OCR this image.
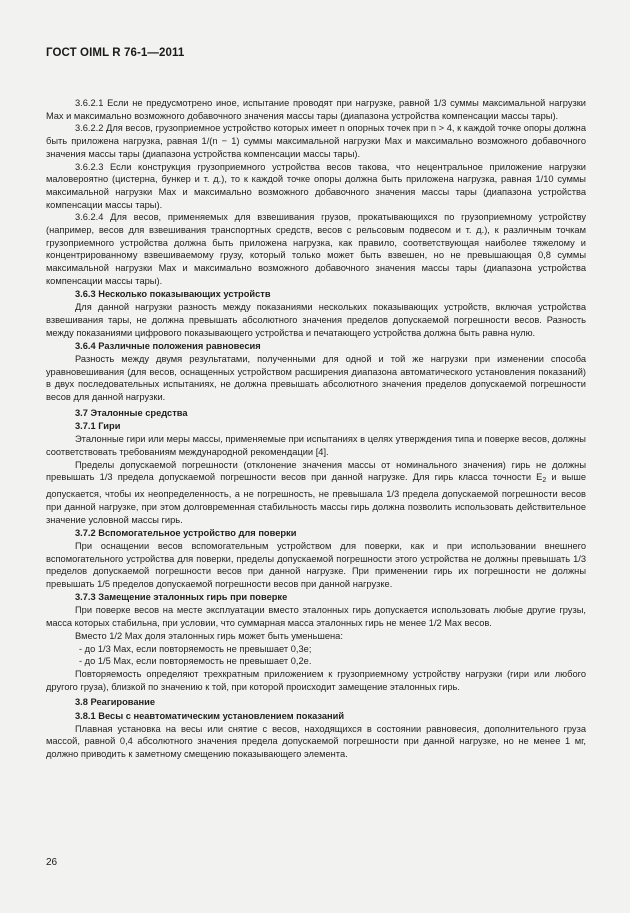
ГОСТ OIML R 76-1—2011

3.6.2.1 Если не предусмотрено иное, испытание проводят при нагрузке, равной 1/3 суммы максимальной нагрузки Max и максимально возможного добавочного значения массы тары (диапазона устройства компенсации массы тары).

3.6.2.2 Для весов, грузоприемное устройство которых имеет n опорных точек при n > 4, к каждой точке опоры должна быть приложена нагрузка, равная 1/(n − 1) суммы максимальной нагрузки Max и максимально возможного добавочного значения массы тары (диапазона устройства компенсации массы тары).

3.6.2.3 Если конструкция грузоприемного устройства весов такова, что нецентральное приложение нагрузки маловероятно (цистерна, бункер и т. д.), то к каждой точке опоры должна быть приложена нагрузка, равная 1/10 суммы максимальной нагрузки Max и максимально возможного добавочного значения массы тары (диапазона устройства компенсации массы тары).

3.6.2.4 Для весов, применяемых для взвешивания грузов, прокатывающихся по грузоприемному устройству (например, весов для взвешивания транспортных средств, весов с рельсовым подвесом и т. д.), к различным точкам грузоприемного устройства должна быть приложена нагрузка, как правило, соответствующая наиболее тяжелому и концентрированному взвешиваемому грузу, который только может быть взвешен, но не превышающая 0,8 суммы максимальной нагрузки Max и максимально возможного добавочного значения массы тары (диапазона устройства компенсации массы тары).

3.6.3 Несколько показывающих устройств

Для данной нагрузки разность между показаниями нескольких показывающих устройств, включая устройства взвешивания тары, не должна превышать абсолютного значения пределов допускаемой погрешности весов. Разность между показаниями цифрового показывающего устройства и печатающего устройства должна быть равна нулю.

3.6.4 Различные положения равновесия

Разность между двумя результатами, полученными для одной и той же нагрузки при изменении способа уравновешивания (для весов, оснащенных устройством расширения диапазона автоматического установления показаний) в двух последовательных испытаниях, не должна превышать абсолютного значения пределов допускаемой погрешности весов для данной нагрузки.

3.7 Эталонные средства

3.7.1 Гири

Эталонные гири или меры массы, применяемые при испытаниях в целях утверждения типа и поверке весов, должны соответствовать требованиям международной рекомендации [4].

Пределы допускаемой погрешности (отклонение значения массы от номинального значения) гирь не должны превышать 1/3 предела допускаемой погрешности весов при данной нагрузке. Для гирь класса точности $E_2$ и выше допускается, чтобы их неопределенность, а не погрешность, не превышала 1/3 предела допускаемой погрешности весов при данной нагрузке, при этом долговременная стабильность массы гирь должна позволить использовать действительное значение условной массы гирь.

3.7.2 Вспомогательное устройство для поверки

При оснащении весов вспомогательным устройством для поверки, как и при использовании внешнего вспомогательного устройства для поверки, пределы допускаемой погрешности этого устройства не должны превышать 1/3 пределов допускаемой погрешности весов при данной нагрузке. При применении гирь их погрешности не должны превышать 1/5 пределов допускаемой погрешности весов при данной нагрузке.

3.7.3 Замещение эталонных гирь при поверке

При поверке весов на месте эксплуатации вместо эталонных гирь допускается использовать любые другие грузы, масса которых стабильна, при условии, что суммарная масса эталонных гирь не менее 1/2 Max весов.

Вместо 1/2 Max доля эталонных гирь может быть уменьшена:

- до 1/3 Max, если повторяемость не превышает 0,3e;

- до 1/5 Max, если повторяемость не превышает 0,2e.

Повторяемость определяют трехкратным приложением к грузоприемному устройству нагрузки (гири или любого другого груза), близкой по значению к той, при которой происходит замещение эталонных гирь.

3.8 Реагирование

3.8.1 Весы с неавтоматическим установлением показаний

Плавная установка на весы или снятие с весов, находящихся в состоянии равновесия, дополнительного груза массой, равной 0,4 абсолютного значения предела допускаемой погрешности при данной нагрузке, но не менее 1 мг, должно приводить к заметному смещению показывающего элемента.

26
